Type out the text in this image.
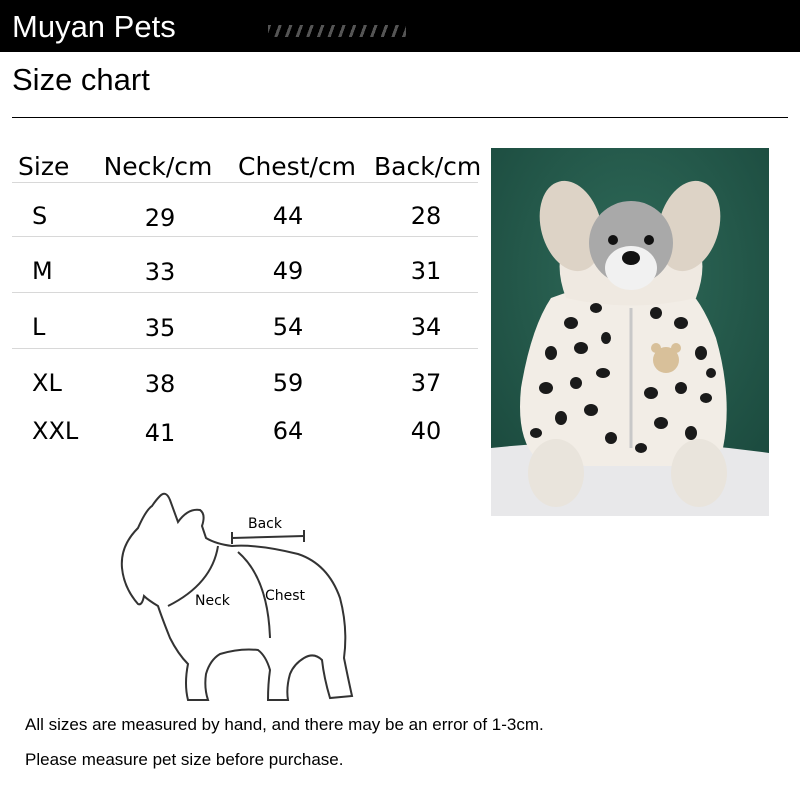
Muyan Pets
Size chart
Size Neck/cm Chest/cm Back/cm
S	29	44	28
M	33	49	31
L	35	54	34
XL	38	59	37
XXL	41	64	40
Back
Neck	Chest
All sizes are measured by hand, and there may be an error of 1-3cm.
Please measure pet size before purchase.
